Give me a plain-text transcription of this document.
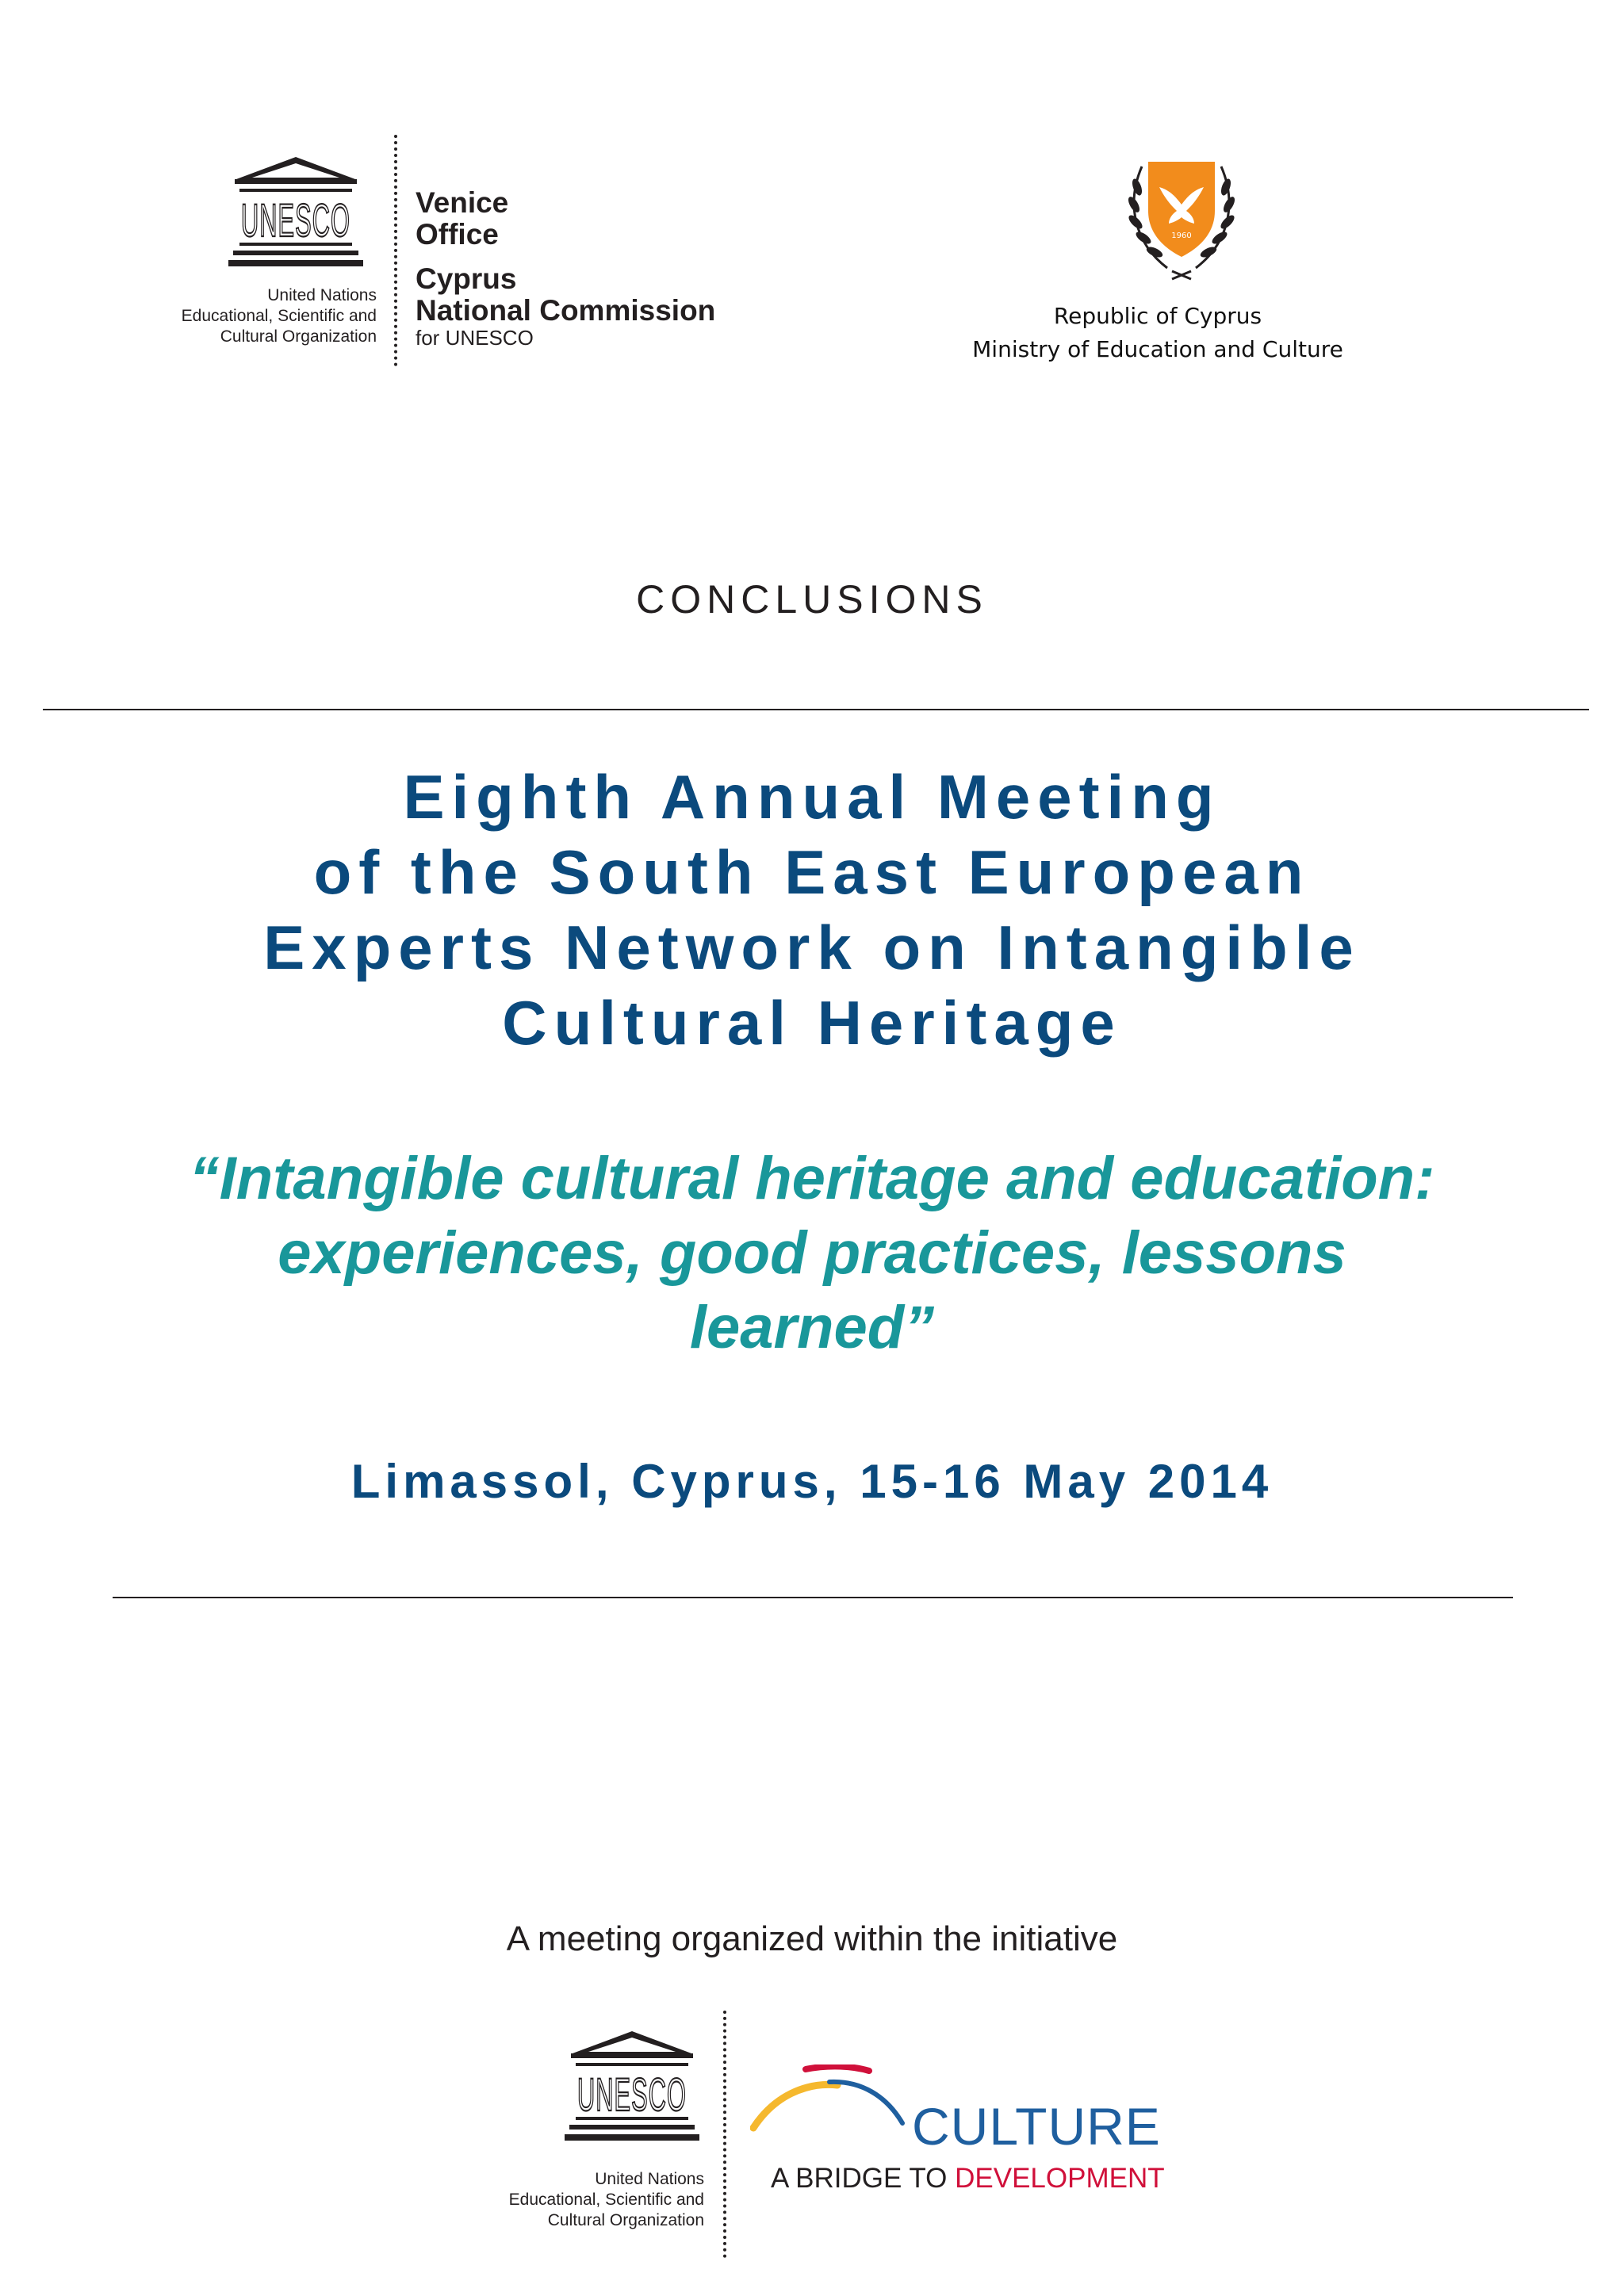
UNESCO
United Nations
Educational, Scientific and
Cultural Organization
Venice
Office
Cyprus
National Commission
for UNESCO
1960
Republic of Cyprus
Ministry of Education and Culture
CONCLUSIONS
Eighth Annual Meeting
of the South East European
Experts Network on Intangible
Cultural Heritage
“Intangible cultural heritage and education:
experiences, good practices, lessons
learned”
Limassol, Cyprus, 15-16 May 2014
A meeting organized within the initiative
UNESCO
United Nations
Educational, Scientific and
Cultural Organization
CULTURE
A BRIDGE TO DEVELOPMENT
